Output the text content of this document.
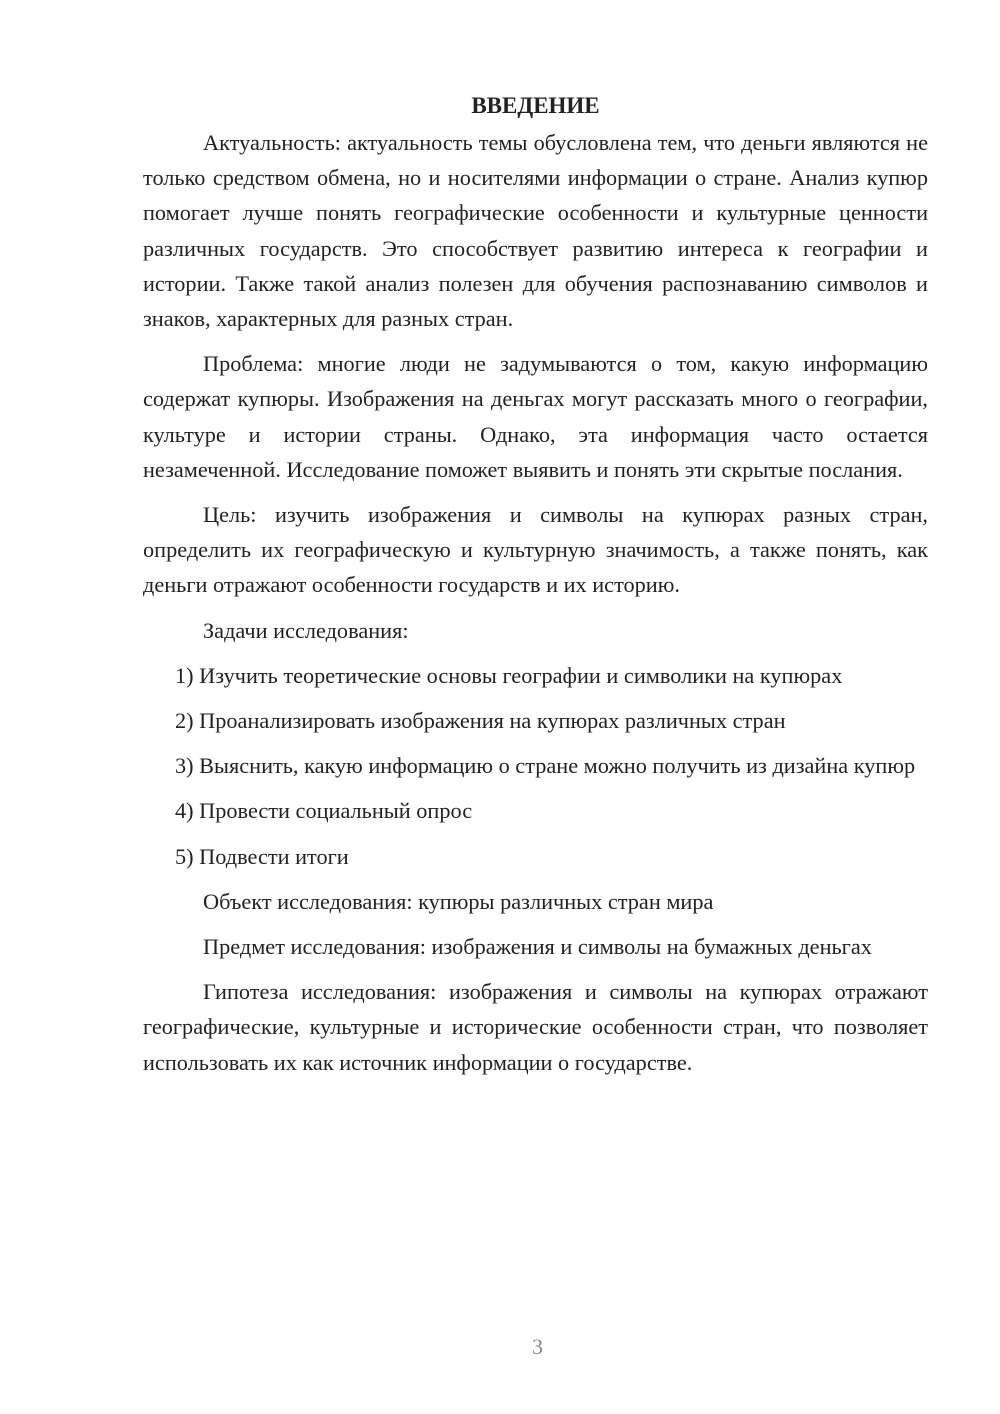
ВВЕДЕНИЕ

Актуальность: актуальность темы обусловлена тем, что деньги являются не только средством обмена, но и носителями информации о стране. Анализ купюр помогает лучше понять географические особенности и культурные ценности различных государств. Это способствует развитию интереса к географии и истории. Также такой анализ полезен для обучения распознаванию символов и знаков, характерных для разных стран.

Проблема: многие люди не задумываются о том, какую информацию содержат купюры. Изображения на деньгах могут рассказать много о географии, культуре и истории страны. Однако, эта информация часто остается незамеченной. Исследование поможет выявить и понять эти скрытые послания.

Цель: изучить изображения и символы на купюрах разных стран, определить их географическую и культурную значимость, а также понять, как деньги отражают особенности государств и их историю.

Задачи исследования:

1) Изучить теоретические основы географии и символики на купюрах

2) Проанализировать изображения на купюрах различных стран

3) Выяснить, какую информацию о стране можно получить из дизайна купюр

4) Провести социальный опрос

5) Подвести итоги

Объект исследования: купюры различных стран мира

Предмет исследования: изображения и символы на бумажных деньгах

Гипотеза исследования: изображения и символы на купюрах отражают географические, культурные и исторические особенности стран, что позволяет использовать их как источник информации о государстве.

3
